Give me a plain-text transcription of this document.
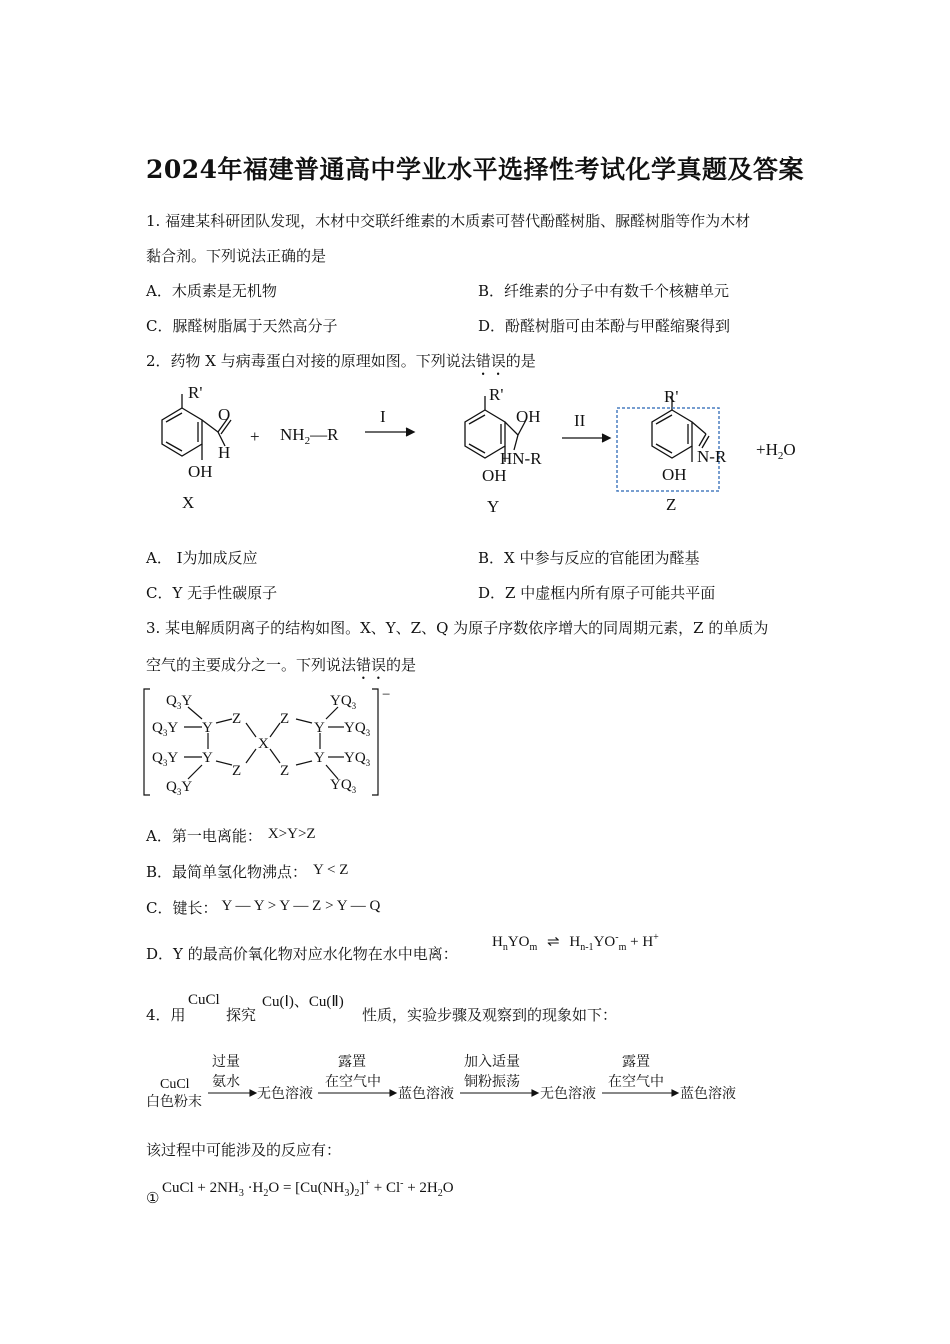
2024年福建普通高中学业水平选择性考试化学真题及答案
1. 福建某科研团队发现，木材中交联纤维素的木质素可替代酚醛树脂、脲醛树脂等作为木材
黏合剂。下列说法正确的是
A．木质素是无机物	B．纤维素的分子中有数千个核糖单元
C．脲醛树脂属于天然高分子	D．酚醛树脂可由苯酚与甲醛缩聚得到
2．药物 X 与病毒蛋白对接的原理如图。下列说法错误的是
R'
O
H
OH
X
+ $NH_2—R$
I
R'
OH
HN-R
OH
Y
II
R'
N-R
OH
Z
$+H_2O$
A． Ⅰ为加成反应	B．X 中参与反应的官能团为醛基
C．Y 无手性碳原子	D．Z 中虚框内所有原子可能共平面
3. 某电解质阴离子的结构如图。X、Y、Z、Q 为原子序数依序增大的同周期元素，Z 的单质为
空气的主要成分之一。下列说法错误的是
$Q_3Y$
$Q_3Y$ Y
Z
X
Z
Y
$YQ_3$
$YQ_3$
$Q_3Y$ Y
Z	Z
Y $YQ_3$
$Q_3Y$	$YQ_3$
−
A．第一电离能： X>Y>Z
B．最简单氢化物沸点： Y < Z
C．键长： Y — Y > Y — Z > Y — Q
D．Y 的最高价氧化物对应水化物在水中电离：
$H_nYO_m$ ⇌ $H_{n-1}YO^-_m + H^+$
4．用
CuCl
探究
Cu(Ⅰ)、Cu(Ⅱ)
性质，实验步骤及观察到的现象如下：
CuCl
白色粉末
过量
氨水
无色溶液
露置
在空气中
蓝色溶液
加入适量
铜粉振荡
无色溶液
露置
在空气中
蓝色溶液
该过程中可能涉及的反应有：
①
CuCl + $2NH_3 \cdot H_2O = [Cu(NH_3)_2]^+ + Cl^- + 2H_2O$
